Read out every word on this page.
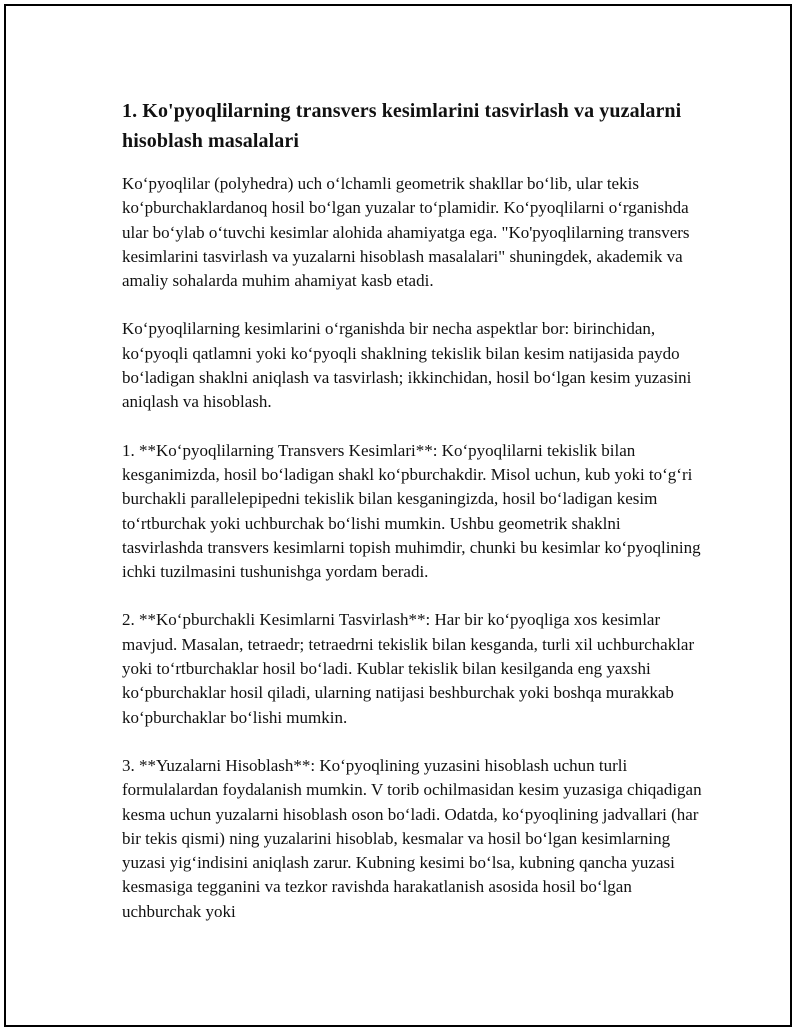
1. Ko'pyoqlilarning transvers kesimlarini tasvirlash va yuzalarni hisoblash masalalari

Ko‘pyoqlilar (polyhedra) uch o‘lchamli geometrik shakllar bo‘lib, ular tekis ko‘pburchaklardanoq hosil bo‘lgan yuzalar to‘plamidir. Ko‘pyoqlilarni o‘rganishda ular bo‘ylab o‘tuvchi kesimlar alohida ahamiyatga ega. "Ko'pyoqlilarning transvers kesimlarini tasvirlash va yuzalarni hisoblash masalalari" shuningdek, akademik va amaliy sohalarda muhim ahamiyat kasb etadi.

Ko‘pyoqlilarning kesimlarini o‘rganishda bir necha aspektlar bor: birinchidan, ko‘pyoqli qatlamni yoki ko‘pyoqli shaklning tekislik bilan kesim natijasida paydo bo‘ladigan shaklni aniqlash va tasvirlash; ikkinchidan, hosil bo‘lgan kesim yuzasini aniqlash va hisoblash.

1. **Ko‘pyoqlilarning Transvers Kesimlari**: Ko‘pyoqlilarni tekislik bilan kesganimizda, hosil bo‘ladigan shakl ko‘pburchakdir. Misol uchun, kub yoki to‘g‘ri burchakli parallelepipedni tekislik bilan kesganingizda, hosil bo‘ladigan kesim to‘rtburchak yoki uchburchak bo‘lishi mumkin. Ushbu geometrik shaklni tasvirlashda transvers kesimlarni topish muhimdir, chunki bu kesimlar ko‘pyoqlining ichki tuzilmasini tushunishga yordam beradi.

2. **Ko‘pburchakli Kesimlarni Tasvirlash**: Har bir ko‘pyoqliga xos kesimlar mavjud. Masalan, tetraedr; tetraedrni tekislik bilan kesganda, turli xil uchburchaklar yoki to‘rtburchaklar hosil bo‘ladi. Kublar tekislik bilan kesilganda eng yaxshi ko‘pburchaklar hosil qiladi, ularning natijasi beshburchak yoki boshqa murakkab ko‘pburchaklar bo‘lishi mumkin.

3. **Yuzalarni Hisoblash**: Ko‘pyoqlining yuzasini hisoblash uchun turli formulalardan foydalanish mumkin. V torib ochilmasidan kesim yuzasiga chiqadigan kesma uchun yuzalarni hisoblash oson bo‘ladi. Odatda, ko‘pyoqlining jadvallari (har bir tekis qismi) ning yuzalarini hisoblab, kesmalar va hosil bo‘lgan kesimlarning yuzasi yig‘indisini aniqlash zarur. Kubning kesimi bo‘lsa, kubning qancha yuzasi kesmasiga tegganini va tezkor ravishda harakatlanish asosida hosil bo‘lgan uchburchak yoki
